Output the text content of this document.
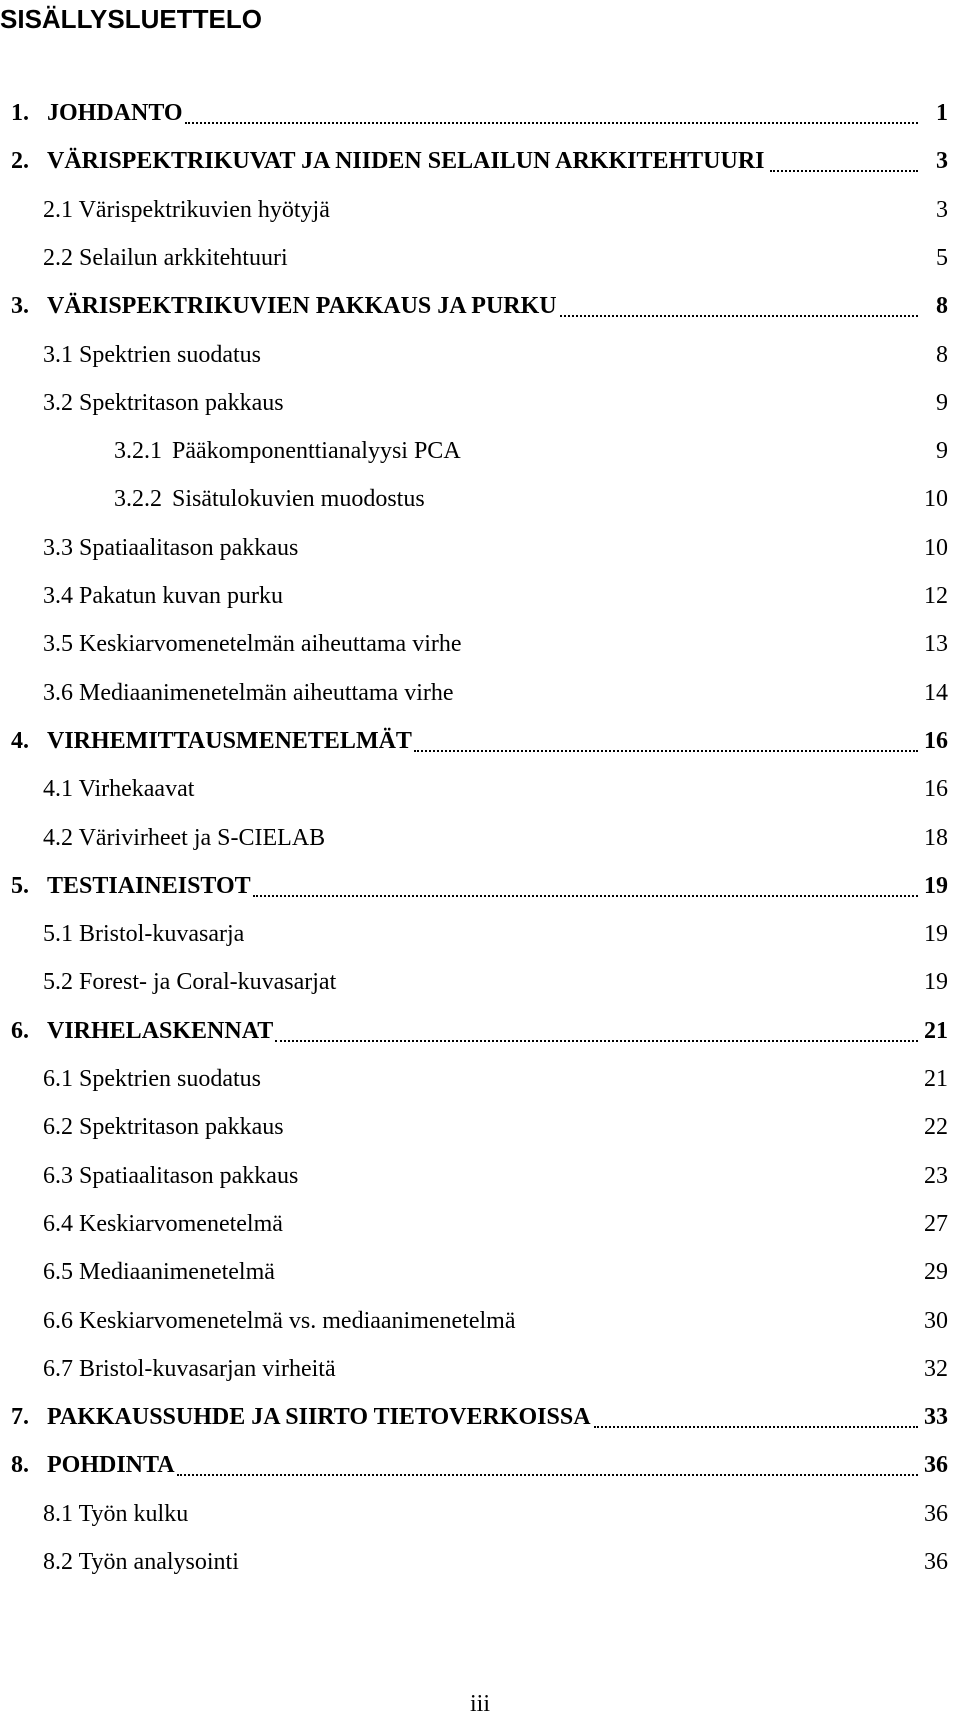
SISÄLLYSLUETTELO
1. JOHDANTO	1
2. VÄRISPEKTRIKUVAT JA NIIDEN SELAILUN ARKKITEHTUURI	3
2.1 Värispektrikuvien hyötyjä	3
2.2 Selailun arkkitehtuuri	5
3. VÄRISPEKTRIKUVIEN PAKKAUS JA PURKU	8
3.1 Spektrien suodatus	8
3.2 Spektritason pakkaus	9
3.2.1 Pääkomponenttianalyysi PCA	9
3.2.2 Sisätulokuvien muodostus	10
3.3 Spatiaalitason pakkaus	10
3.4 Pakatun kuvan purku	12
3.5 Keskiarvomenetelmän aiheuttama virhe	13
3.6 Mediaanimenetelmän aiheuttama virhe	14
4. VIRHEMITTAUSMENETELMÄT	16
4.1 Virhekaavat	16
4.2 Värivirheet ja S-CIELAB	18
5. TESTIAINEISTOT	19
5.1 Bristol-kuvasarja	19
5.2 Forest- ja Coral-kuvasarjat	19
6. VIRHELASKENNAT	21
6.1 Spektrien suodatus	21
6.2 Spektritason pakkaus	22
6.3 Spatiaalitason pakkaus	23
6.4 Keskiarvomenetelmä	27
6.5 Mediaanimenetelmä	29
6.6 Keskiarvomenetelmä vs. mediaanimenetelmä	30
6.7 Bristol-kuvasarjan virheitä	32
7. PAKKAUSSUHDE JA SIIRTO TIETOVERKOISSA	33
8. POHDINTA	36
8.1 Työn kulku	36
8.2 Työn analysointi	36
iii
